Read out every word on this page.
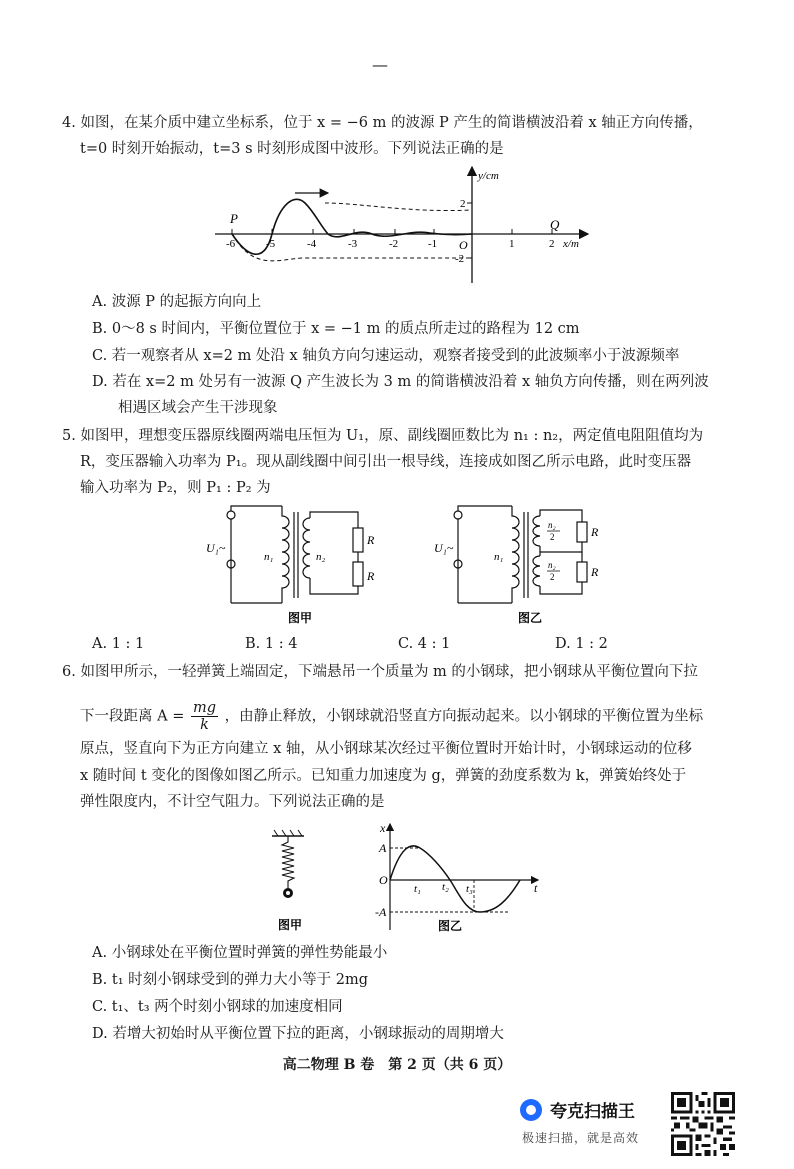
—
4. 如图，在某介质中建立坐标系，位于 x = −6 m 的波源 P 产生的简谐横波沿着 x 轴正方向传播，
t=0 时刻开始振动，t=3 s 时刻形成图中波形。下列说法正确的是
P	Q
y/cm
x/m
O
-6	-5	-4	-3	-2	-1	1	2
2
-2
A. 波源 P 的起振方向向上
B. 0～8 s 时间内，平衡位置位于 x = −1 m 的质点所走过的路程为 12 cm
C. 若一观察者从 x=2 m 处沿 x 轴负方向匀速运动，观察者接受到的此波频率小于波源频率
D. 若在 x=2 m 处另有一波源 Q 产生波长为 3 m 的简谐横波沿着 x 轴负方向传播，则在两列波
相遇区域会产生干涉现象
5. 如图甲，理想变压器原线圈两端电压恒为 U₁，原、副线圈匝数比为 n₁ : n₂，两定值电阻阻值均为
R，变压器输入功率为 P₁。现从副线圈中间引出一根导线，连接成如图乙所示电路，此时变压器
输入功率为 P₂，则 P₁ : P₂ 为
U₁~
n₁	n₂
R
R
图甲
U₁~
n₁
n₂
2
n₂
2
R
R
图乙
A. 1 : 1	B. 1 : 4	C. 4 : 1	D. 1 : 2
6. 如图甲所示，一轻弹簧上端固定，下端悬吊一个质量为 m 的小钢球，把小钢球从平衡位置向下拉
下一段距离 $A = \frac{mg}{k}$ ，由静止释放，小钢球就沿竖直方向振动起来。以小钢球的平衡位置为坐标
原点，竖直向下为正方向建立 x 轴，从小钢球某次经过平衡位置时开始计时，小钢球运动的位移
x 随时间 t 变化的图像如图乙所示。已知重力加速度为 g，弹簧的劲度系数为 k，弹簧始终处于
弹性限度内，不计空气阻力。下列说法正确的是
图甲
x
t
A
-A
O
t₁ t₂ t₃
图乙
A. 小钢球处在平衡位置时弹簧的弹性势能最小
B. t₁ 时刻小钢球受到的弹力大小等于 2mg
C. t₁、t₃ 两个时刻小钢球的加速度相同
D. 若增大初始时从平衡位置下拉的距离，小钢球振动的周期增大
高二物理 B 卷　第 2 页（共 6 页）
夸克扫描王
极速扫描，就是高效
